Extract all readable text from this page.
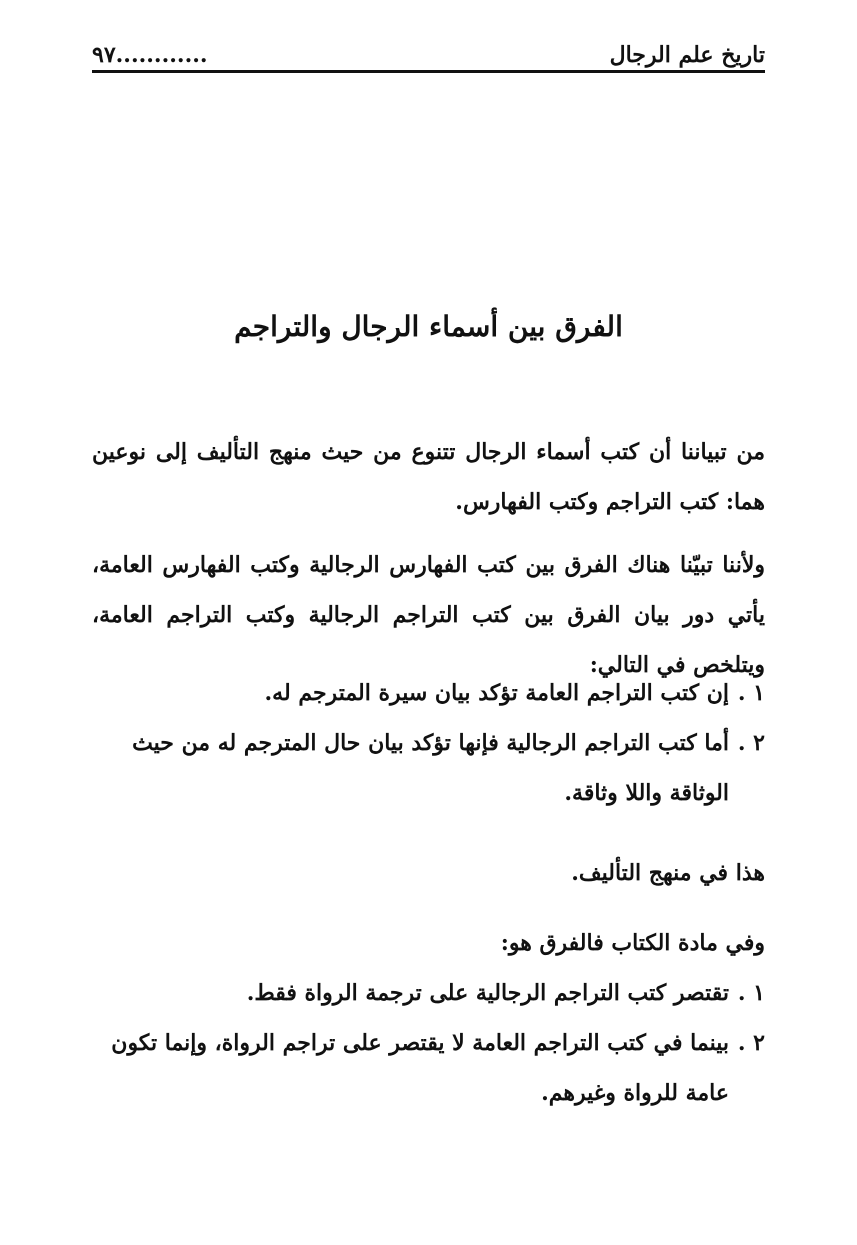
تاريخ علم الرجال
............٩٧
الفرق بين أسماء الرجال والتراجم
من تبياننا أن كتب أسماء الرجال تتنوع من حيث منهج التأليف إلى نوعين هما: كتب التراجم وكتب الفهارس.
ولأننا تبيّنا هناك الفرق بين كتب الفهارس الرجالية وكتب الفهارس العامة، يأتي دور بيان الفرق بين كتب التراجم الرجالية وكتب التراجم العامة، ويتلخص في التالي:
١ .
إن كتب التراجم العامة تؤكد بيان سيرة المترجم له.
٢ .
أما كتب التراجم الرجالية فإنها تؤكد بيان حال المترجم له من حيث الوثاقة واللا وثاقة.
هذا في منهج التأليف.
وفي مادة الكتاب فالفرق هو:
١ .
تقتصر كتب التراجم الرجالية على ترجمة الرواة فقط.
٢ .
بينما في كتب التراجم العامة لا يقتصر على تراجم الرواة، وإنما تكون عامة للرواة وغيرهم.
